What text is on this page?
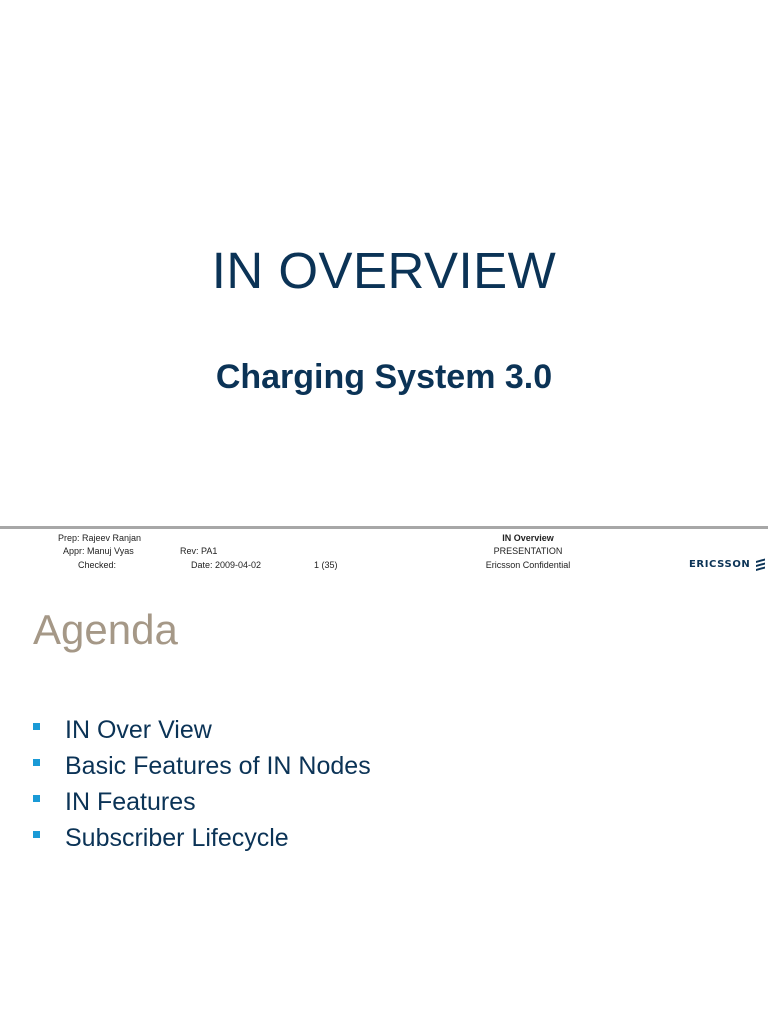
IN OVERVIEW
Charging System 3.0
Prep: Rajeev Ranjan
Appr: Manuj Vyas
Checked:
Rev: PA1
Date: 2009-04-02	1 (35)
IN Overview
PRESENTATION
Ericsson Confidential	ERICSSON
Agenda
IN Over View
Basic Features of IN Nodes
IN Features
Subscriber Lifecycle
